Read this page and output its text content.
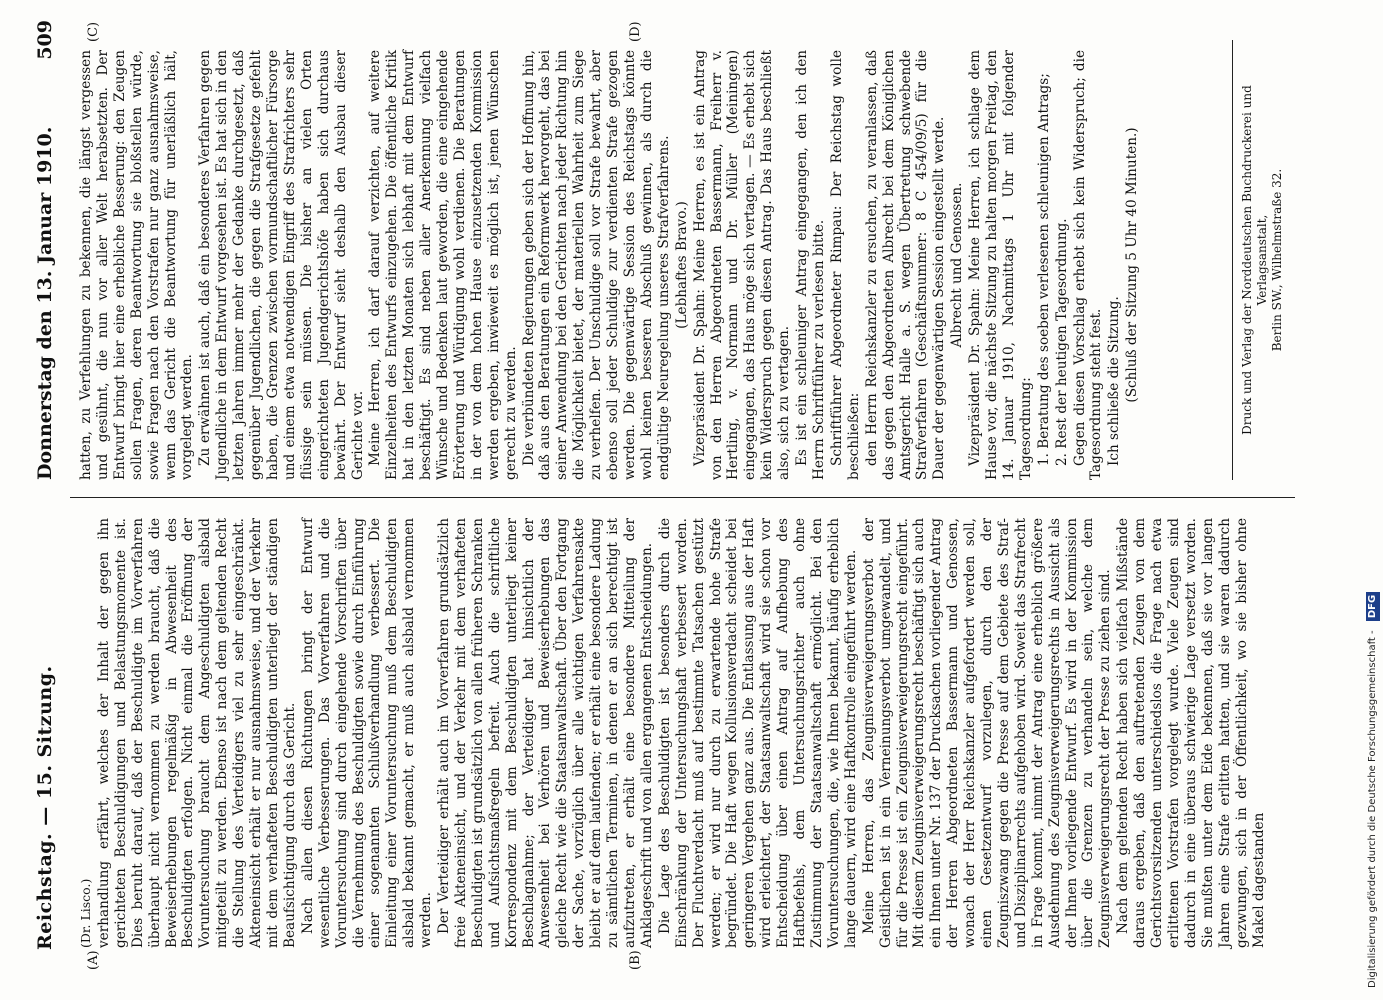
Reichstag. — 15. Sitzung.
Donnerstag den 13. Januar 1910.
509
(A)	(B)
(C)	(D)

(Dr. Lisco.) verhandlung erfährt, welches der Inhalt der gegen ihn gerichteten Beschuldigungen und Belastungsmomente ist. Dies beruht darauf, daß der Beschuldigte im Vorverfahren überhaupt nicht vernommen zu werden braucht, daß die Beweiserhebungen regelmäßig in Abwesenheit des Beschuldigten erfolgen. Nicht einmal die Eröffnung der Voruntersuchung braucht dem Angeschuldigten alsbald mitgeteilt zu werden. Ebenso ist nach dem geltenden Recht die Stellung des Verteidigers viel zu sehr eingeschränkt. Akteneinsicht erhält er nur ausnahmsweise, und der Verkehr mit dem verhafteten Beschuldigten unterliegt der ständigen Beaufsichtigung durch das Gericht. Nach allen diesen Richtungen bringt der Entwurf wesentliche Verbesserungen. Das Vorverfahren und die Voruntersuchung sind durch eingehende Vorschriften über die Vernehmung des Beschuldigten sowie durch Einführung einer sogenannten Schlußverhandlung verbessert. Die Einleitung einer Voruntersuchung muß dem Beschuldigten alsbald bekannt gemacht, er muß auch alsbald vernommen werden. Der Verteidiger erhält auch im Vorverfahren grundsätzlich freie Akteneinsicht, und der Verkehr mit dem verhafteten Beschuldigten ist grundsätzlich von allen früheren Schranken und Aufsichtsmaßregeln befreit. Auch die schriftliche Korrespondenz mit dem Beschuldigten unterliegt keiner Beschlagnahme; der Verteidiger hat hinsichtlich der Anwesenheit bei Verhören und Beweiserhebungen das gleiche Recht wie die Staatsanwaltschaft. Über den Fortgang der Sache, vorzüglich über alle wichtigen Verfahrensakte bleibt er auf dem laufenden; er erhält eine besondere Ladung zu sämtlichen Terminen, in denen er an sich berechtigt ist aufzutreten, er erhält eine besondere Mitteilung der Anklageschrift und von allen ergangenen Entscheidungen. Die Lage des Beschuldigten ist besonders durch die Einschränkung der Untersuchungshaft verbessert worden. Der Fluchtverdacht muß auf bestimmte Tatsachen gestützt werden; er wird nur durch zu erwartende hohe Strafe begründet. Die Haft wegen Kollusionsverdacht scheidet bei geringeren Vergehen ganz aus. Die Entlassung aus der Haft wird erleichtert, der Staatsanwaltschaft wird sie schon vor Entscheidung über einen Antrag auf Aufhebung des Haftbefehls, dem Untersuchungsrichter auch ohne Zustimmung der Staatsanwaltschaft ermöglicht. Bei den Voruntersuchungen, die, wie Ihnen bekannt, häufig erheblich lange dauern, wird eine Haftkontrolle eingeführt werden. Meine Herren, das Zeugnisverweigerungsverbot der Geistlichen ist in ein Verneinungsverbot umgewandelt, und für die Presse ist ein Zeugnisverweigerungsrecht eingeführt. Mit diesem Zeugnisverweigerungsrecht beschäftigt sich auch ein Ihnen unter Nr. 137 der Drucksachen vorliegender Antrag der Herren Abgeordneten Bassermann und Genossen, wonach der Herr Reichskanzler aufgefordert werden soll, einen Gesetzentwurf vorzulegen, durch den der Zeugniszwang gegen die Presse auf dem Gebiete des Straf- und Disziplinarrechts aufgehoben wird. Soweit das Strafrecht in Frage kommt, nimmt der Antrag eine erheblich größere Ausdehnung des Zeugnisverweigerungsrechts in Aussicht als der Ihnen vorliegende Entwurf. Es wird in der Kommission über die Grenzen zu verhandeln sein, welche dem Zeugnisverweigerungsrecht der Presse zu ziehen sind. Nach dem geltenden Recht haben sich vielfach Mißstände daraus ergeben, daß den auftretenden Zeugen von dem Gerichtsvorsitzenden unterschiedslos die Frage nach etwa erlittenen Vorstrafen vorgelegt wurde. Viele Zeugen sind dadurch in eine überaus schwierige Lage versetzt worden. Sie mußten unter dem Eide bekennen, daß sie vor langen Jahren eine Strafe erlitten hatten, und sie waren dadurch gezwungen, sich in der Öffentlichkeit, wo sie bisher ohne Makel dagestanden

hatten, zu Verfehlungen zu bekennen, die längst vergessen und gesühnt, die nun vor aller Welt herabsetzten. Der Entwurf bringt hier eine erhebliche Besserung: den Zeugen sollen Fragen, deren Beantwortung sie bloßstellen würde, sowie Fragen nach den Vorstrafen nur ganz ausnahmsweise, wenn das Gericht die Beantwortung für unerläßlich hält, vorgelegt werden. Zu erwähnen ist auch, daß ein besonderes Verfahren gegen Jugendliche in dem Entwurf vorgesehen ist. Es hat sich in den letzten Jahren immer mehr der Gedanke durchgesetzt, daß gegenüber Jugendlichen, die gegen die Strafgesetze gefehlt haben, die Grenzen zwischen vormundschaftlicher Fürsorge und einem etwa notwendigen Eingriff des Strafrichters sehr flüssige sein müssen. Die bisher an vielen Orten eingerichteten Jugendgerichtshöfe haben sich durchaus bewährt. Der Entwurf sieht deshalb den Ausbau dieser Gerichte vor. Meine Herren, ich darf darauf verzichten, auf weitere Einzelheiten des Entwurfs einzugehen. Die öffentliche Kritik hat in den letzten Monaten sich lebhaft mit dem Entwurf beschäftigt. Es sind neben aller Anerkennung vielfach Wünsche und Bedenken laut geworden, die eine eingehende Erörterung und Würdigung wohl verdienen. Die Beratungen in der von dem hohen Hause einzusetzenden Kommission werden ergeben, inwieweit es möglich ist, jenen Wünschen gerecht zu werden. Die verbündeten Regierungen geben sich der Hoffnung hin, daß aus den Beratungen ein Reformwerk hervorgeht, das bei seiner Anwendung bei den Gerichten nach jeder Richtung hin die Möglichkeit bietet, der materiellen Wahrheit zum Siege zu verhelfen. Der Unschuldige soll vor Strafe bewahrt, aber ebenso soll jeder Schuldige zur verdienten Strafe gezogen werden. Die gegenwärtige Session des Reichstags könnte wohl keinen besseren Abschluß gewinnen, als durch die endgültige Neuregelung unseres Strafverfahrens. (Lebhaftes Bravo.) Vizepräsident Dr. Spahn: Meine Herren, es ist ein Antrag von den Herren Abgeordneten Bassermann, Freiherr v. Hertling, v. Normann und Dr. Müller (Meiningen) eingegangen, das Haus möge sich vertagen. — Es erhebt sich kein Widerspruch gegen diesen Antrag. Das Haus beschließt also, sich zu vertagen. Es ist ein schleuniger Antrag eingegangen, den ich den Herrn Schriftführer zu verlesen bitte. Schriftführer Abgeordneter Rimpau: Der Reichstag wolle beschließen: den Herrn Reichskanzler zu ersuchen, zu veranlassen, daß das gegen den Abgeordneten Albrecht bei dem Königlichen Amtsgericht Halle a. S. wegen Übertretung schwebende Strafverfahren (Geschäftsnummer: 8 C 454/09/5) für die Dauer der gegenwärtigen Session eingestellt werde. Albrecht und Genossen. Vizepräsident Dr. Spahn: Meine Herren, ich schlage dem Hause vor, die nächste Sitzung zu halten morgen Freitag, den 14. Januar 1910, Nachmittags 1 Uhr mit folgender Tagesordnung: 1. Beratung des soeben verlesenen schleunigen Antrags; 2. Rest der heutigen Tagesordnung. Gegen diesen Vorschlag erhebt sich kein Widerspruch; die Tagesordnung steht fest. Ich schließe die Sitzung. (Schluß der Sitzung 5 Uhr 40 Minuten.)	Druck und Verlag der Norddeutschen Buchdruckerei und Verlagsanstalt, Berlin SW., Wilhelmstraße 32.
Digitalisierung gefördert durch die Deutsche Forschungsgemeinschaft - DFG
